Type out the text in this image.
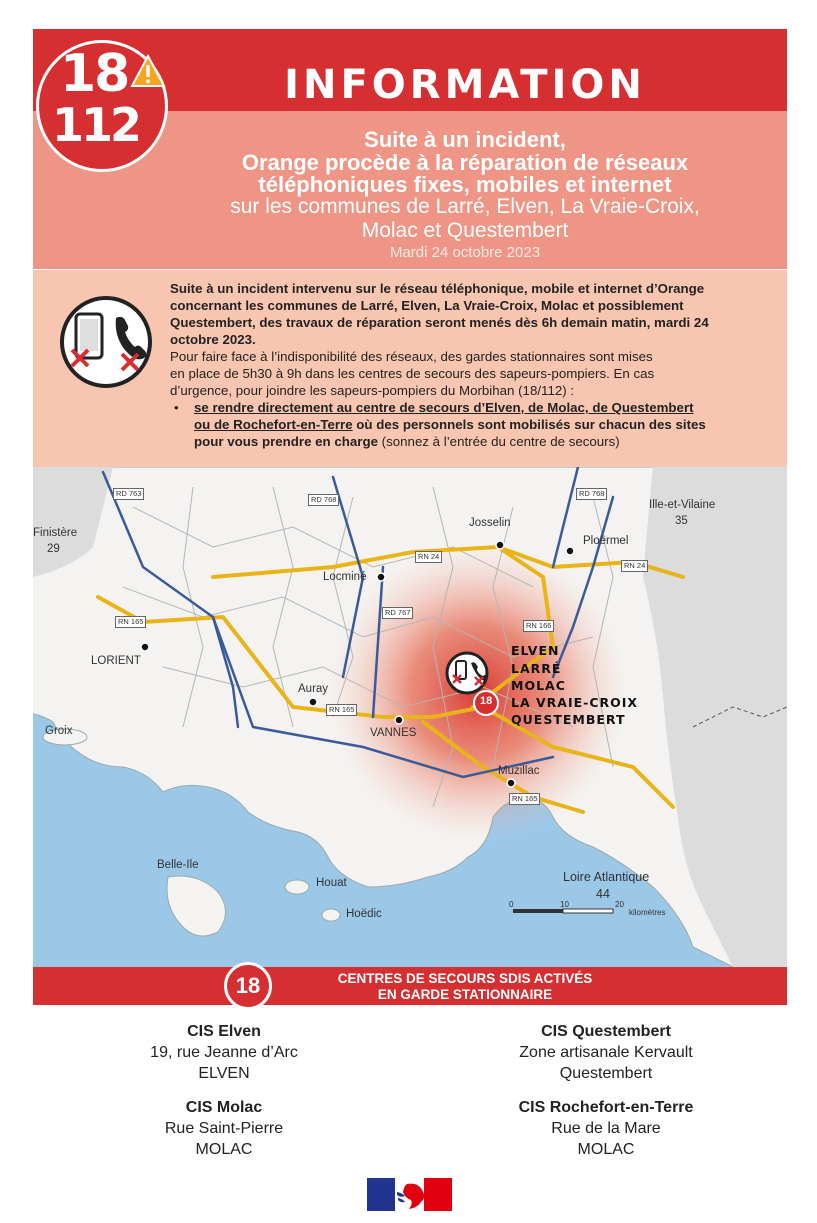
INFORMATION
Suite à un incident,
Orange procède à la réparation de réseaux
téléphoniques fixes, mobiles et internet
sur les communes de Larré, Elven, La Vraie-Croix,
Molac et Questembert
Mardi 24 octobre 2023
18
112

Suite à un incident intervenu sur le réseau téléphonique, mobile et internet d’Orange
concernant les communes de Larré, Elven, La Vraie-Croix, Molac et possiblement
Questembert, des travaux de réparation seront menés dès 6h demain matin, mardi 24
octobre 2023.

Pour faire face à l’indisponibilité des réseaux, des gardes stationnaires sont mises
en place de 5h30 à 9h dans les centres de secours des sapeurs-pompiers. En cas
d’urgence, pour joindre les sapeurs-pompiers du Morbihan (18/112) :

• se rendre directement au centre de secours d’Elven, de Molac, de Questembert
ou de Rochefort-en-Terre où des personnels sont mobilisés sur chacun des sites
pour vous prendre en charge (sonnez à l’entrée du centre de secours)
Finistère
29
Ille-et-Vilaine
35
Loire Atlantique
44
Josselin
Ploërmel
Locminé
LORIENT
Auray
VANNES
Muzillac
Groix
Belle-Ile
Houat
Hoëdic
RD 763
RD 768
RD 768
RN 24
RN 24
RN 165
RD 767
RN 166
RN 165
RN 165
ELVEN
LARRÉ
MOLAC
LA VRAIE-CROIX
QUESTEMBERT
18
0	10	20
kilomètres
18	CENTRES DE SECOURS SDIS ACTIVÉS
EN GARDE STATIONNAIRE
CIS Elven
19, rue Jeanne d’Arc
ELVEN
CIS Questembert
Zone artisanale Kervault
Questembert
CIS Molac
Rue Saint-Pierre
MOLAC
CIS Rochefort-en-Terre
Rue de la Mare
MOLAC
